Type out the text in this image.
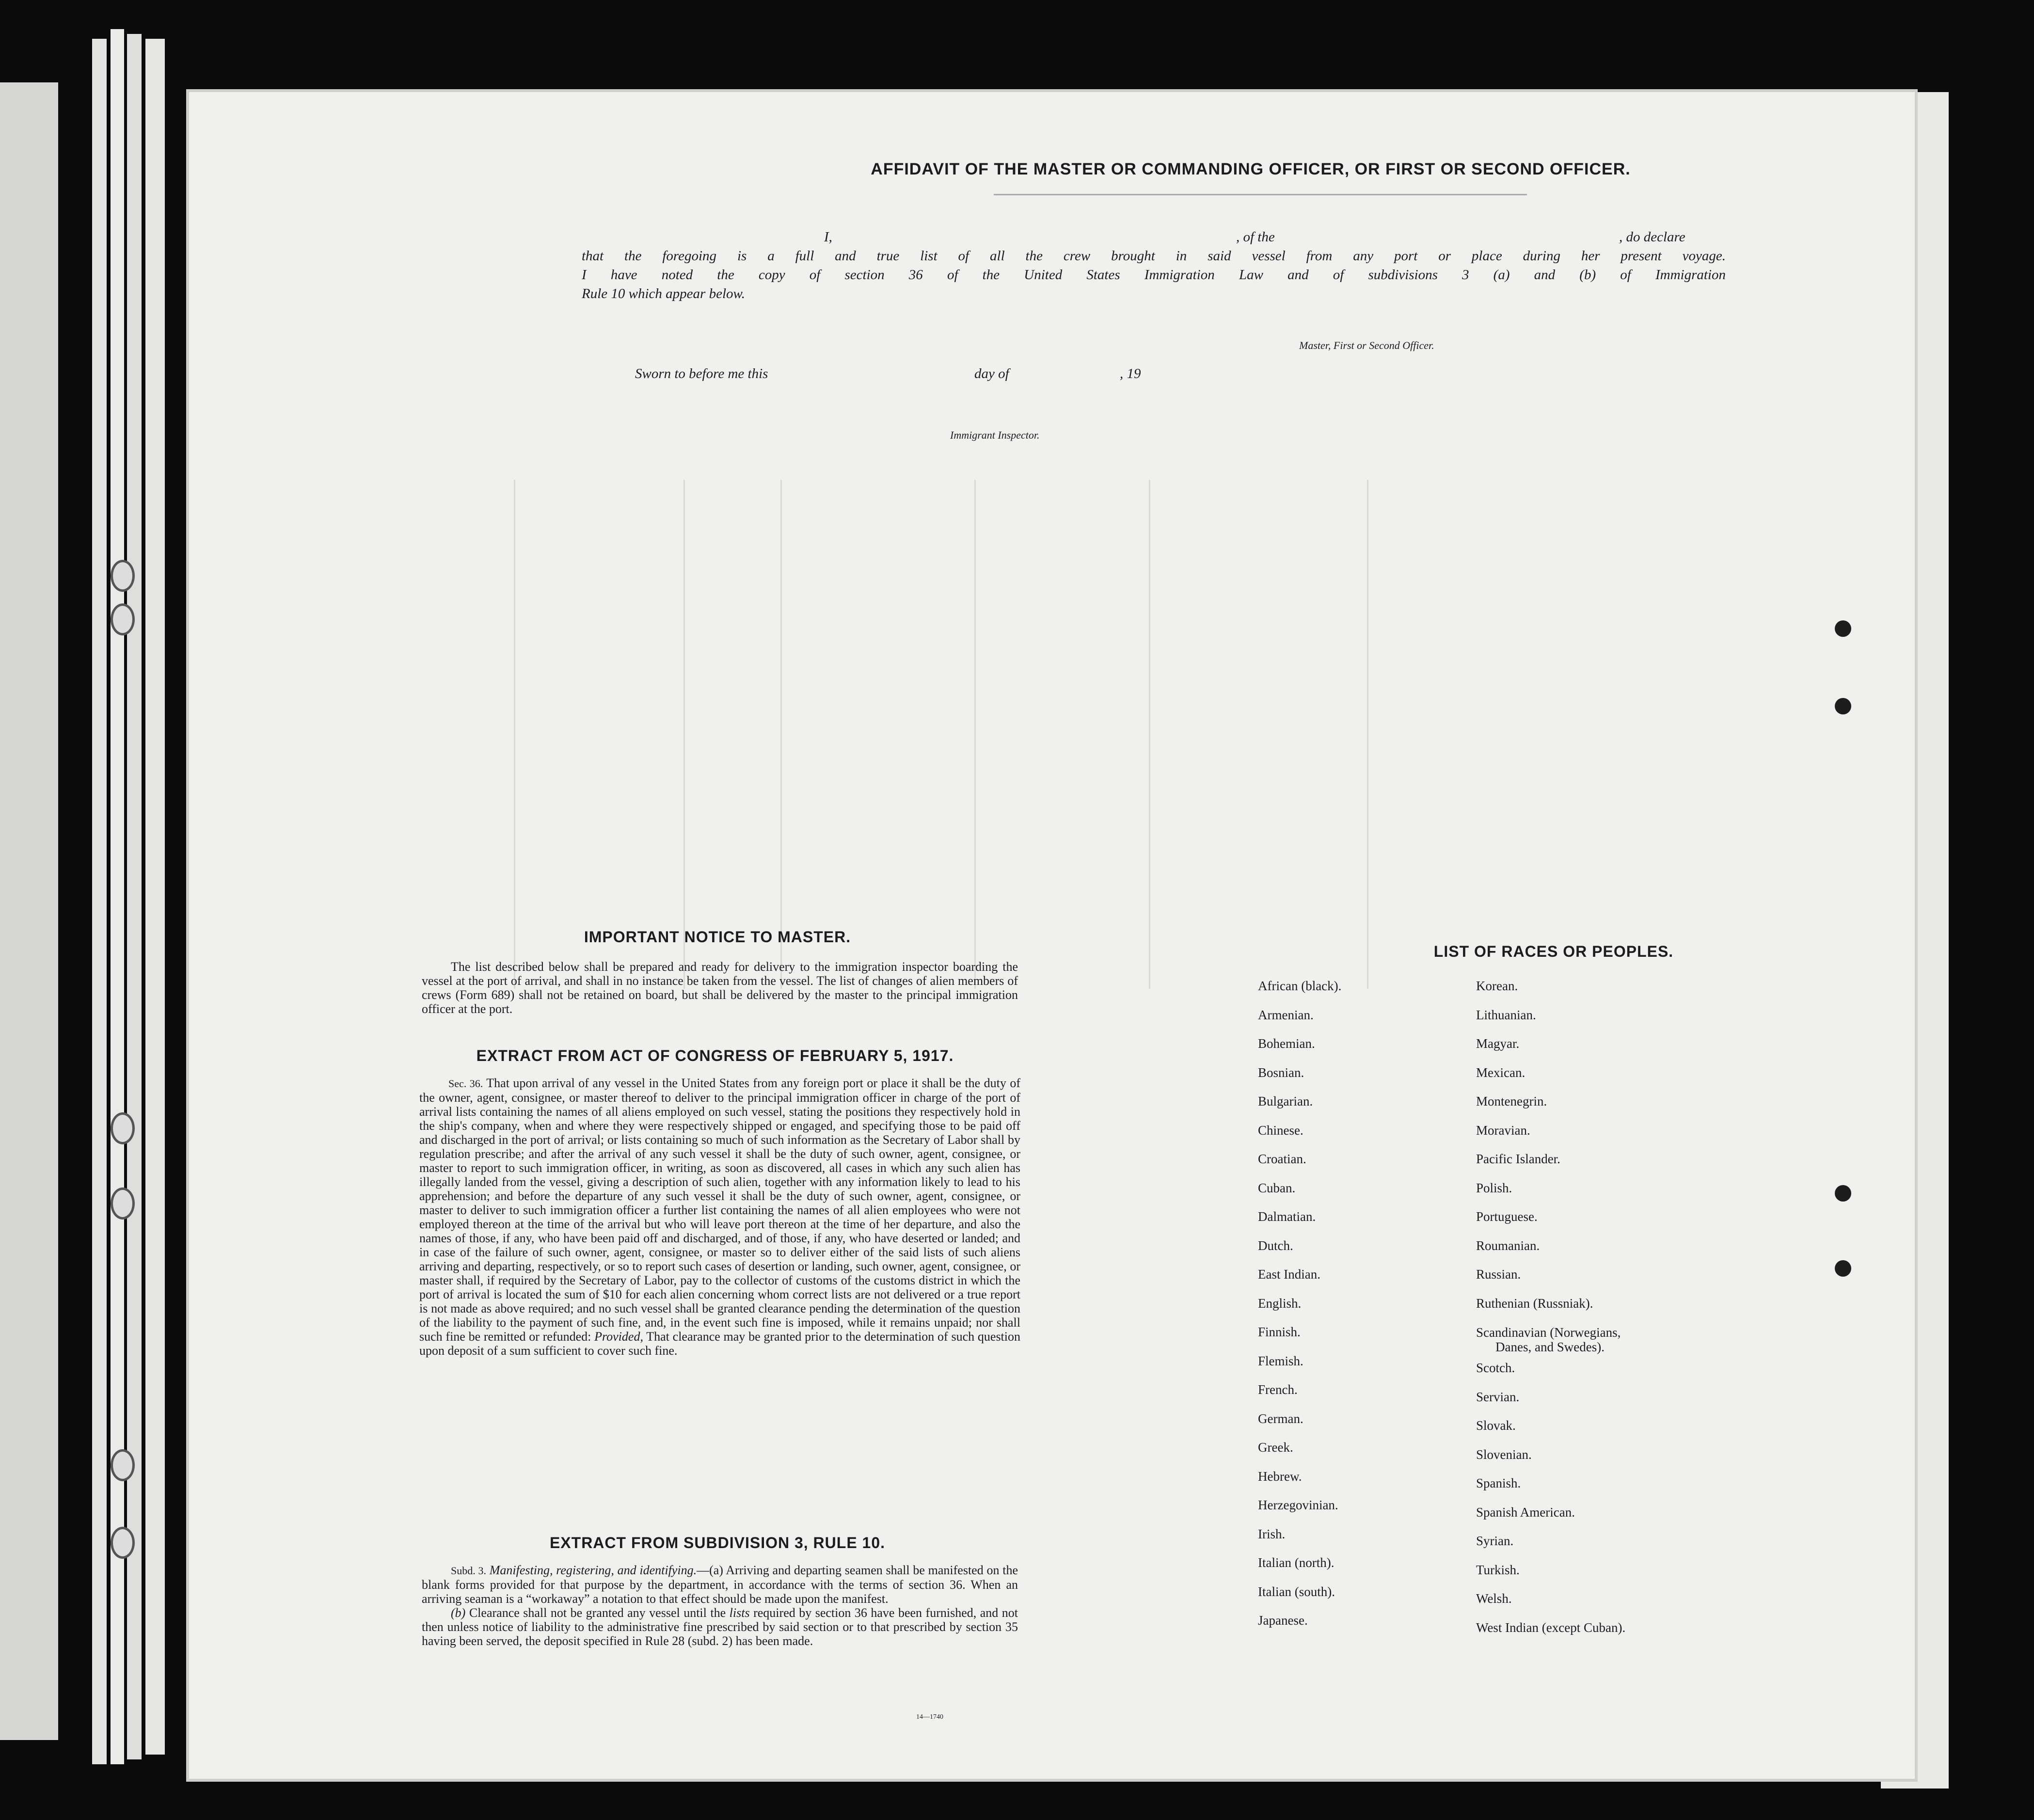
AFFIDAVIT OF THE MASTER OR COMMANDING OFFICER, OR FIRST OR SECOND OFFICER.
I,	, of the	, do declare
that the foregoing is a full and true list of all the crew brought in said vessel from any port or place during her present voyage.
I have noted the copy of section 36 of the United States Immigration Law and of subdivisions 3 (a) and (b) of Immigration
Rule 10 which appear below.
Master, First or Second Officer.
Sworn to before me this	day of	, 19
Immigrant Inspector.
IMPORTANT NOTICE TO MASTER.

The list described below shall be prepared and ready for delivery to the immigration inspector boarding the vessel at the port of arrival, and shall in no instance be taken from the vessel. The list of changes of alien members of crews (Form 689) shall not be retained on board, but shall be delivered by the master to the principal immigration officer at the port.

EXTRACT FROM ACT OF CONGRESS OF FEBRUARY 5, 1917.

Sec. 36. That upon arrival of any vessel in the United States from any foreign port or place it shall be the duty of the owner, agent, consignee, or master thereof to deliver to the principal immigration officer in charge of the port of arrival lists containing the names of all aliens employed on such vessel, stating the positions they respectively hold in the ship's company, when and where they were respectively shipped or engaged, and specifying those to be paid off and discharged in the port of arrival; or lists containing so much of such information as the Secretary of Labor shall by regulation prescribe; and after the arrival of any such vessel it shall be the duty of such owner, agent, consignee, or master to report to such immigration officer, in writing, as soon as discovered, all cases in which any such alien has illegally landed from the vessel, giving a description of such alien, together with any information likely to lead to his apprehension; and before the departure of any such vessel it shall be the duty of such owner, agent, consignee, or master to deliver to such immigration officer a further list containing the names of all alien employees who were not employed thereon at the time of the arrival but who will leave port thereon at the time of her departure, and also the names of those, if any, who have been paid off and discharged, and of those, if any, who have deserted or landed; and in case of the failure of such owner, agent, consignee, or master so to deliver either of the said lists of such aliens arriving and departing, respectively, or so to report such cases of desertion or landing, such owner, agent, consignee, or master shall, if required by the Secretary of Labor, pay to the collector of customs of the customs district in which the port of arrival is located the sum of $10 for each alien concerning whom correct lists are not delivered or a true report is not made as above required; and no such vessel shall be granted clearance pending the determination of the question of the liability to the payment of such fine, and, in the event such fine is imposed, while it remains unpaid; nor shall such fine be remitted or refunded: Provided, That clearance may be granted prior to the determination of such question upon deposit of a sum sufficient to cover such fine.

EXTRACT FROM SUBDIVISION 3, RULE 10.

Subd. 3. Manifesting, registering, and identifying.—(a) Arriving and departing seamen shall be manifested on the blank forms provided for that purpose by the department, in accordance with the terms of section 36. When an arriving seaman is a “workaway” a notation to that effect should be made upon the manifest.

(b) Clearance shall not be granted any vessel until the lists required by section 36 have been furnished, and not then unless notice of liability to the administrative fine prescribed by said section or to that prescribed by section 35 having been served, the deposit specified in Rule 28 (subd. 2) has been made.

14—1740
LIST OF RACES OR PEOPLES.
African (black).
Armenian.
Bohemian.
Bosnian.
Bulgarian.
Chinese.
Croatian.
Cuban.
Dalmatian.
Dutch.
East Indian.
English.
Finnish.
Flemish.
French.
German.
Greek.
Hebrew.
Herzegovinian.
Irish.
Italian (north).
Italian (south).
Japanese.
Korean.
Lithuanian.
Magyar.
Mexican.
Montenegrin.
Moravian.
Pacific Islander.
Polish.
Portuguese.
Roumanian.
Russian.
Ruthenian (Russniak).
Scandinavian (Norwegians,
Danes, and Swedes).
Scotch.
Servian.
Slovak.
Slovenian.
Spanish.
Spanish American.
Syrian.
Turkish.
Welsh.
West Indian (except Cuban).
